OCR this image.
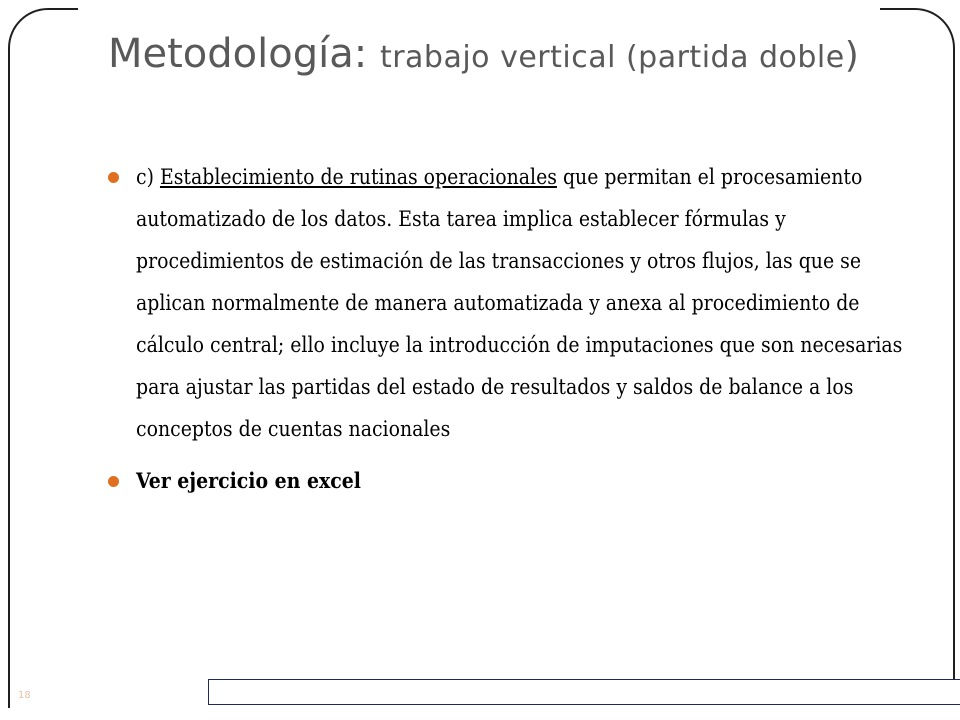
Metodología: trabajo vertical (partida doble)
c) Establecimiento de rutinas operacionales que permitan el procesamiento automatizado de los datos. Esta tarea implica establecer fórmulas y procedimientos de estimación de las transacciones y otros flujos, las que se aplican normalmente de manera automatizada y anexa al procedimiento de cálculo central; ello incluye la introducción de imputaciones que son necesarias para ajustar las partidas del estado de resultados y saldos de balance a los conceptos de cuentas nacionales
Ver ejercicio en excel
18
